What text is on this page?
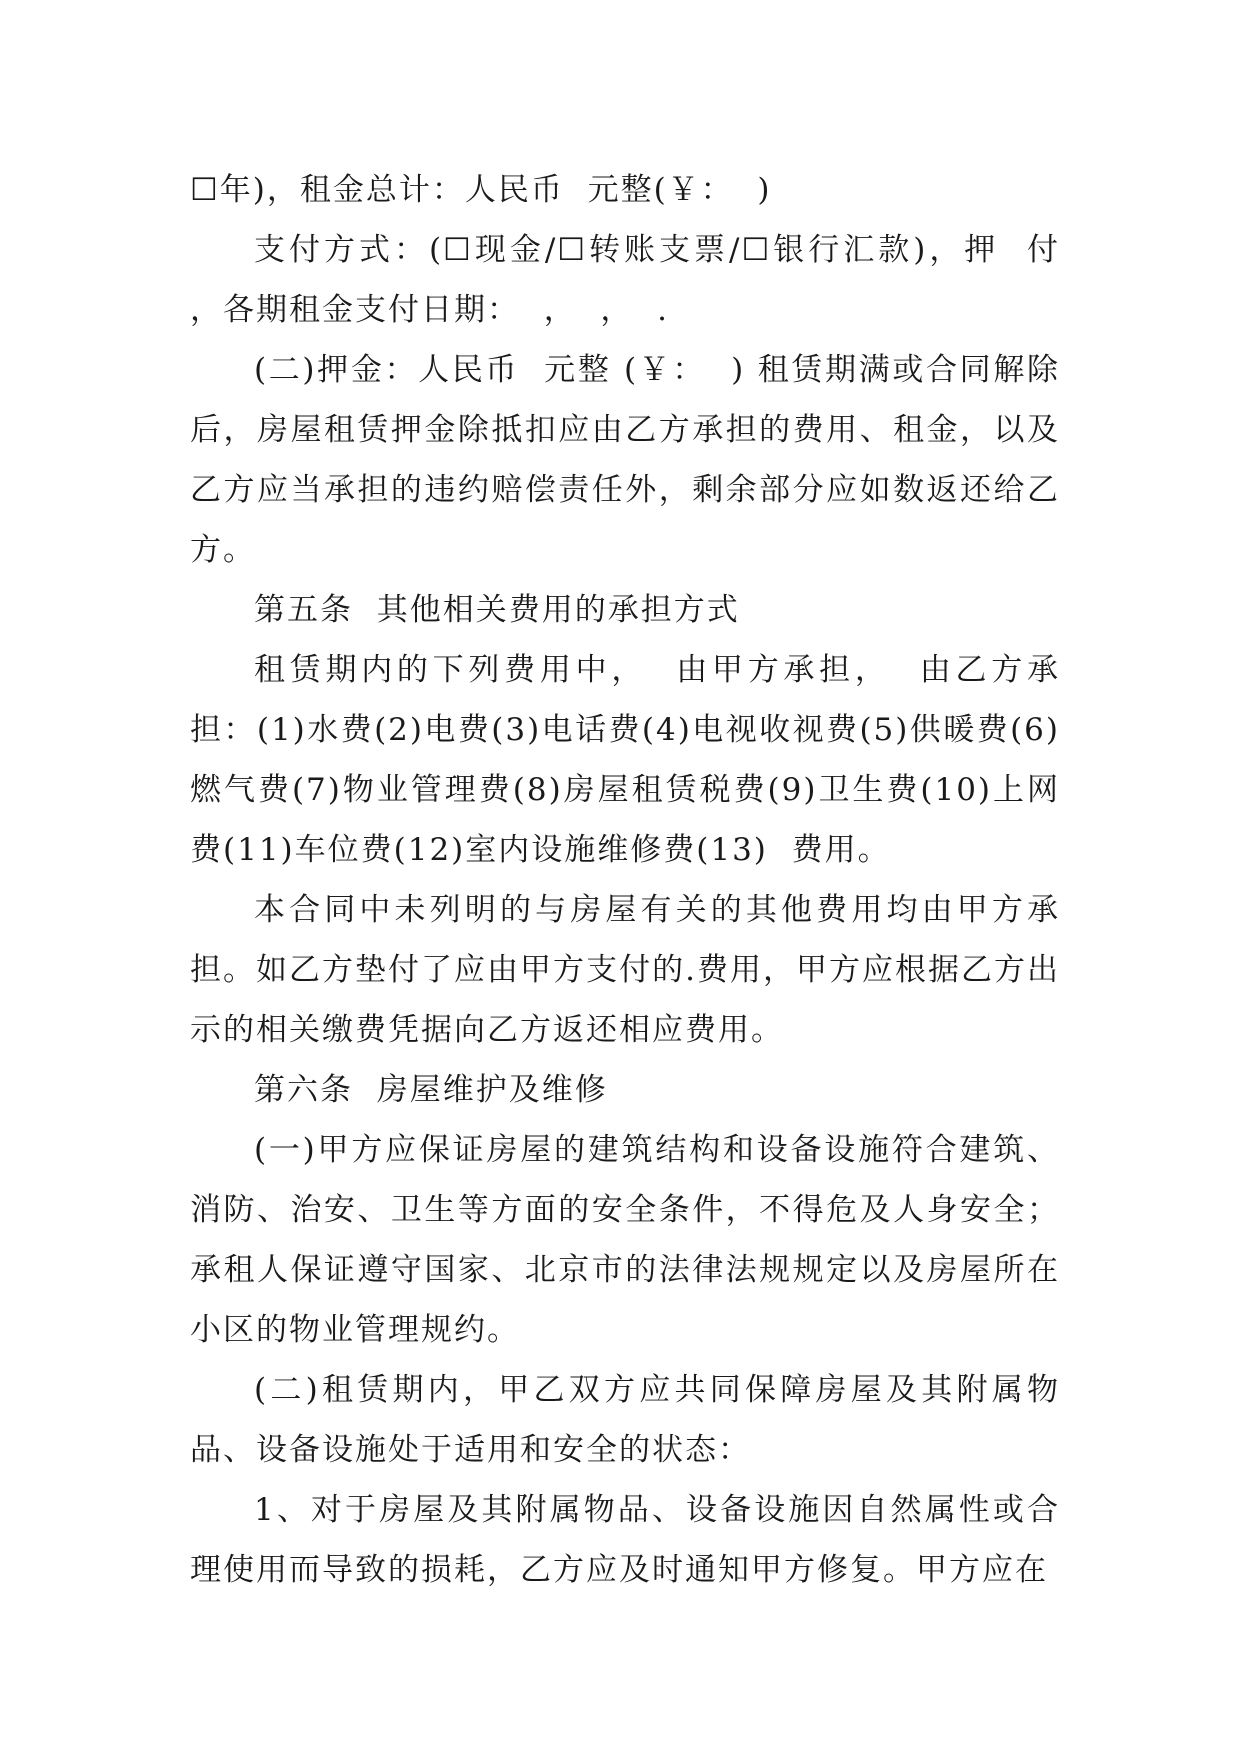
☐年)，租金总计：人民币  元整(￥：  )

支付方式：(☐现金/☐转账支票/☐银行汇款)，押  付  ，各期租金支付日期：  ，  ，  .

(二)押金：人民币  元整 (￥：  ) 租赁期满或合同解除后，房屋租赁押金除抵扣应由乙方承担的费用、租金，以及乙方应当承担的违约赔偿责任外，剩余部分应如数返还给乙方。

第五条  其他相关费用的承担方式

租赁期内的下列费用中，  由甲方承担，  由乙方承担：(1)水费(2)电费(3)电话费(4)电视收视费(5)供暖费(6)燃气费(7)物业管理费(8)房屋租赁税费(9)卫生费(10)上网费(11)车位费(12)室内设施维修费(13)  费用。

本合同中未列明的与房屋有关的其他费用均由甲方承担。如乙方垫付了应由甲方支付的.费用，甲方应根据乙方出示的相关缴费凭据向乙方返还相应费用。

第六条  房屋维护及维修

(一)甲方应保证房屋的建筑结构和设备设施符合建筑、消防、治安、卫生等方面的安全条件，不得危及人身安全；承租人保证遵守国家、北京市的法律法规规定以及房屋所在小区的物业管理规约。

(二)租赁期内，甲乙双方应共同保障房屋及其附属物品、设备设施处于适用和安全的状态：

1、对于房屋及其附属物品、设备设施因自然属性或合理使用而导致的损耗，乙方应及时通知甲方修复。甲方应在
